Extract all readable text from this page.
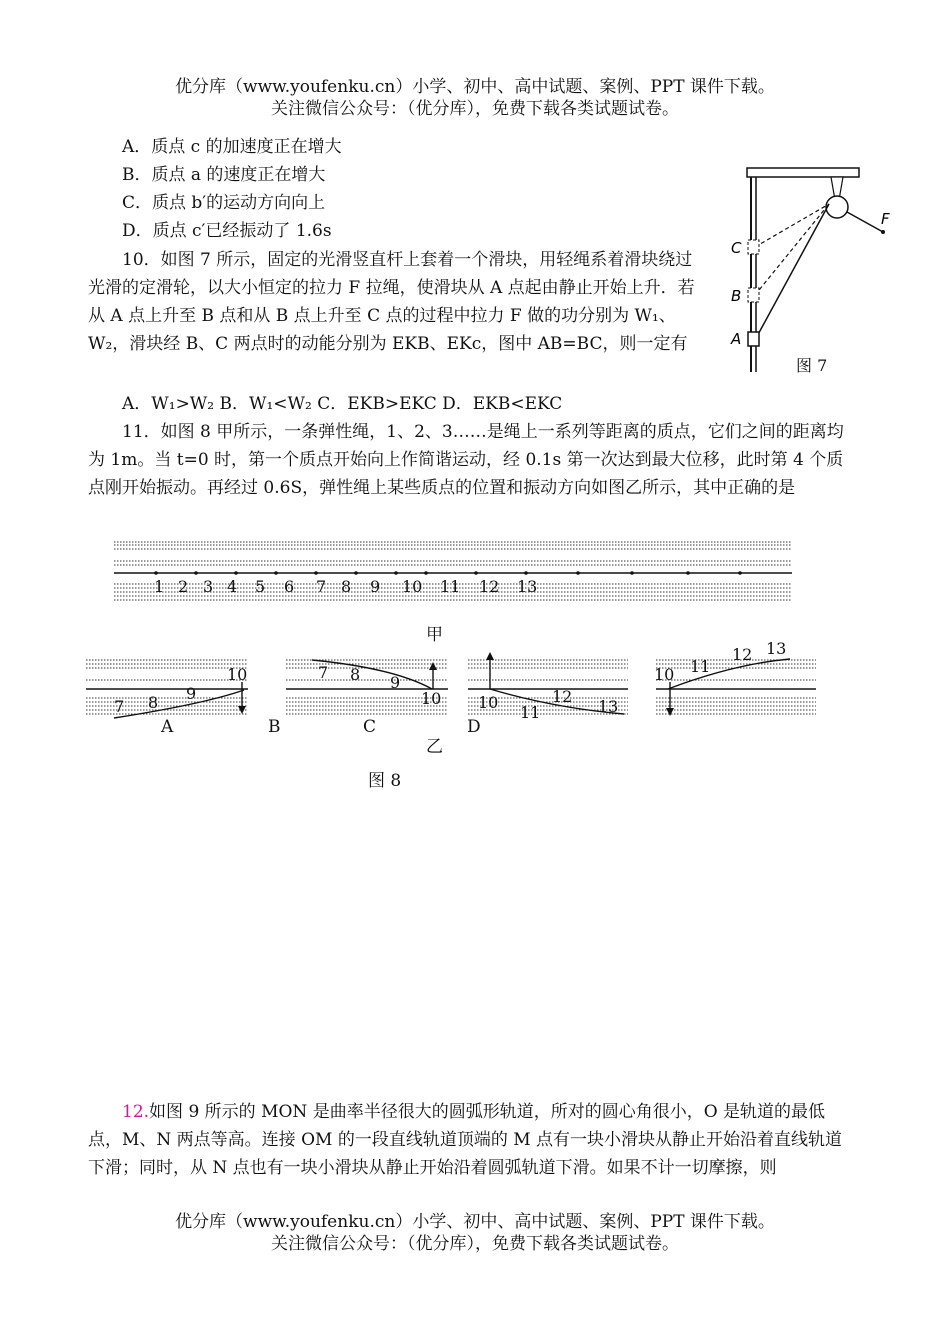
优分库（www.youfenku.cn）小学、初中、高中试题、案例、PPT 课件下载。
关注微信公众号：（优分库），免费下载各类试题试卷。
A．质点 c 的加速度正在增大
B．质点 a 的速度正在增大
C．质点 b′的运动方向向上
D．质点 c′已经振动了 1.6s
10．如图 7 所示，固定的光滑竖直杆上套着一个滑块，用轻绳系着滑块绕过光滑的定滑轮，以大小恒定的拉力 F 拉绳，使滑块从 A 点起由静止开始上升．若从 A 点上升至 B 点和从 B 点上升至 C 点的过程中拉力 F 做的功分别为 W₁、W₂，滑块经 B、C 两点时的动能分别为 EKB、EKc，图中 AB=BC，则一定有
A．W₁>W₂ B．W₁<W₂ C．EKB>EKC D．EKB<EKC
C
B
A
F
图 7
11．如图 8 甲所示，一条弹性绳，1、2、3……是绳上一系列等距离的质点，它们之间的距离均为 1m。当 t=0 时，第一个质点开始向上作简谐运动，经 0.1s 第一次达到最大位移，此时第 4 个质点刚开始振动。再经过 0.6S，弹性绳上某些质点的位置和振动方向如图乙所示，其中正确的是
1 2 3 4 5 6 7 8 9 10 11 12 13
甲
7 8 9
10	7 8 9
10 10
11
12
13
10 11
12 13
A	B	C	D
乙
图 8
12.如图 9 所示的 MON 是曲率半径很大的圆弧形轨道，所对的圆心角很小，O 是轨道的最低点，M、N 两点等高。连接 OM 的一段直线轨道顶端的 M 点有一块小滑块从静止开始沿着直线轨道下滑；同时，从 N 点也有一块小滑块从静止开始沿着圆弧轨道下滑。如果不计一切摩擦，则
优分库（www.youfenku.cn）小学、初中、高中试题、案例、PPT 课件下载。
关注微信公众号：（优分库），免费下载各类试题试卷。
